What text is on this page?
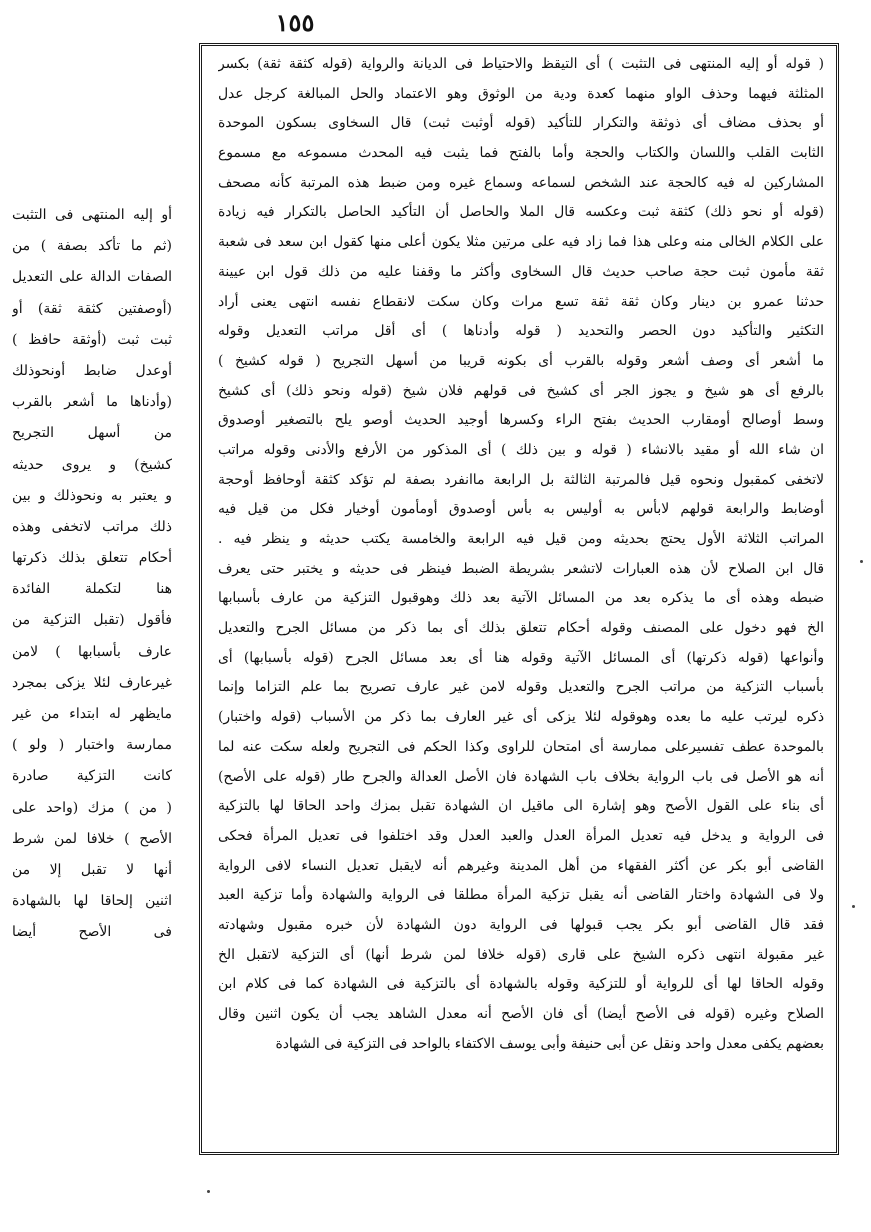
١٥٥
( قوله أو إليه المنتهى فى التثبت ) أى التيقظ والاحتياط فى الديانة والرواية (قوله كثقة ثقة) بكسر
المثلثة فيهما وحذف الواو منهما كعدة ودية من الوثوق وهو الاعتماد والحل المبالغة كرجل عدل
أو بحذف مضاف أى ذوثقة والتكرار للتأكيد (قوله أوثبت ثبت) قال السخاوى بسكون الموحدة
الثابت القلب واللسان والكتاب والحجة وأما بالفتح فما يثبت فيه المحدث مسموعه مع مسموع
المشاركين له فيه كالحجة عند الشخص لسماعه وسماع غيره ومن ضبط هذه المرتبة كأنه مصحف
(قوله أو نحو ذلك) كثقة ثبت وعكسه قال الملا والحاصل أن التأكيد الحاصل بالتكرار فيه زيادة
على الكلام الخالى منه وعلى هذا فما زاد فيه على مرتين مثلا يكون أعلى منها كقول ابن سعد فى شعبة
ثقة مأمون ثبت حجة صاحب حديث قال السخاوى وأكثر ما وقفنا عليه من ذلك قول ابن عيينة
حدثنا عمرو بن دينار وكان ثقة ثقة تسع مرات وكان سكت لانقطاع نفسه انتهى يعنى أراد
التكثير والتأكيد دون الحصر والتحديد ( قوله وأدناها ) أى أقل مراتب التعديل وقوله
ما أشعر أى وصف أشعر وقوله بالقرب أى بكونه قريبا من أسهل التجريح ( قوله كشيخ )
بالرفع أى هو شيخ و يجوز الجر أى كشيخ فى قولهم فلان شيخ (قوله ونحو ذلك) أى كشيخ
وسط أوصالح أومقارب الحديث بفتح الراء وكسرها أوجيد الحديث أوصو يلح بالتصغير أوصدوق
ان شاء الله أو مقيد بالانشاء ( قوله و بين ذلك ) أى المذكور من الأرفع والأدنى وقوله مراتب
لاتخفى كمقبول ونحوه قيل فالمرتبة الثالثة بل الرابعة ماانفرد بصفة لم تؤكد كثقة أوحافظ أوحجة
أوضابط والرابعة قولهم لابأس به أوليس به بأس أوصدوق أومأمون أوخيار فكل من قيل فيه
المراتب الثلاثة الأول يحتج بحديثه ومن قيل فيه الرابعة والخامسة يكتب حديثه و ينظر فيه .
قال ابن الصلاح لأن هذه العبارات لاتشعر بشريطة الضبط فينظر فى حديثه و يختبر حتى يعرف
ضبطه وهذه أى ما يذكره بعد من المسائل الآتية بعد ذلك وهوقبول التزكية من عارف بأسبابها
الخ فهو دخول على المصنف وقوله أحكام تتعلق بذلك أى بما ذكر من مسائل الجرح والتعديل
وأنواعها (قوله ذكرتها) أى المسائل الآتية وقوله هنا أى بعد مسائل الجرح (قوله بأسبابها) أى
بأسباب التزكية من مراتب الجرح والتعديل وقوله لامن غير عارف تصريح بما علم التزاما وإنما
ذكره ليرتب عليه ما بعده وهوقوله لئلا يزكى أى غير العارف بما ذكر من الأسباب (قوله واختبار)
بالموحدة عطف تفسيرعلى ممارسة أى امتحان للراوى وكذا الحكم فى التجريح ولعله سكت عنه لما
أنه هو الأصل فى باب الرواية بخلاف باب الشهادة فان الأصل العدالة والجرح طار (قوله على الأصح)
أى بناء على القول الأصح وهو إشارة الى ماقيل ان الشهادة تقبل بمزك واحد الحاقا لها بالتزكية
فى الرواية و يدخل فيه تعديل المرأة العدل والعبد العدل وقد اختلفوا فى تعديل المرأة فحكى
القاضى أبو بكر عن أكثر الفقهاء من أهل المدينة وغيرهم أنه لايقبل تعديل النساء لافى الرواية
ولا فى الشهادة واختار القاضى أنه يقبل تزكية المرأة مطلقا فى الرواية والشهادة وأما تزكية العبد
فقد قال القاضى أبو بكر يجب قبولها فى الرواية دون الشهادة لأن خبره مقبول وشهادته
غير مقبولة انتهى ذكره الشيخ على قارى (قوله خلافا لمن شرط أنها) أى التزكية لاتقبل الخ
وقوله الحاقا لها أى للرواية أو للتزكية وقوله بالشهادة أى بالتزكية فى الشهادة كما فى كلام ابن
الصلاح وغيره (قوله فى الأصح أيضا) أى فان الأصح أنه معدل الشاهد يجب أن يكون اثنين وقال
بعضهم يكفى معدل واحد ونقل عن أبى حنيفة وأبى يوسف الاكتفاء بالواحد فى التزكية فى الشهادة
أو إليه المنتهى فى التثبت
(ثم ما تأكد بصفة ) من
الصفات الدالة على التعديل
(أوصفتين كثقة ثقة) أو
ثبت ثبت (أوثقة حافظ )
أوعدل ضابط أونحوذلك
(وأدناها ما أشعر بالقرب
من أسهل التجريح
كشيخ) و يروى حديثه
و يعتبر به ونحوذلك و بين
ذلك مراتب لاتخفى وهذه
أحكام تتعلق بذلك ذكرتها
هنا لتكملة الفائدة
فأقول (تقبل التزكية من
عارف بأسبابها ) لامن
غيرعارف لئلا يزكى بمجرد
مايظهر له ابتداء من غير
ممارسة واختبار ( ولو )
كانت التزكية صادرة
( من ) مزك (واحد على
الأصح ) خلافا لمن شرط
أنها لا تقبل إلا من
اثنين إلحاقا لها بالشهادة
فى الأصح أيضا
